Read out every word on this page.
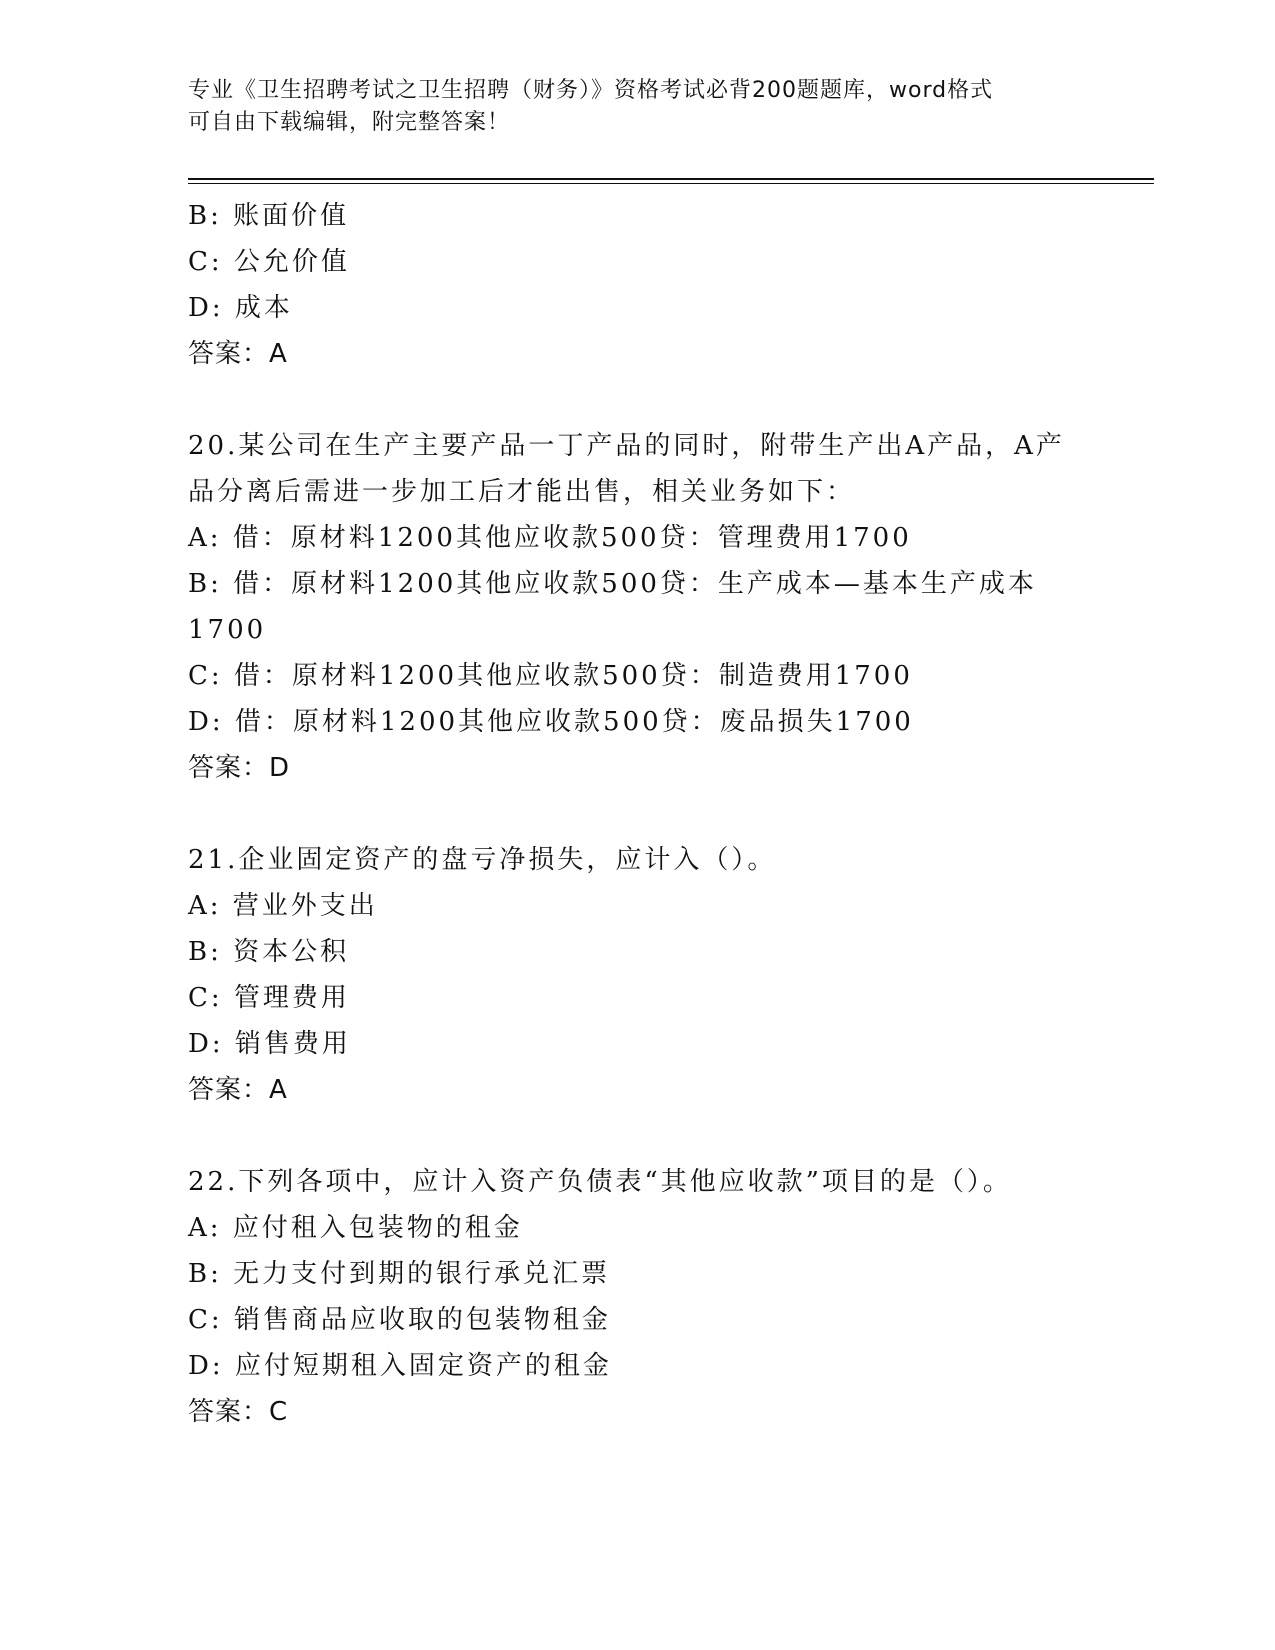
专业《卫生招聘考试之卫生招聘（财务）》资格考试必背200题题库，word格式
可自由下载编辑，附完整答案！
B: 账面价值
C: 公允价值
D: 成本
答案：A
20.某公司在生产主要产品一丁产品的同时，附带生产出A产品，A产
品分离后需进一步加工后才能出售，相关业务如下：
A: 借：原材料1200其他应收款500贷：管理费用1700
B: 借：原材料1200其他应收款500贷：生产成本—基本生产成本
1700
C: 借：原材料1200其他应收款500贷：制造费用1700
D: 借：原材料1200其他应收款500贷：废品损失1700
答案：D
21.企业固定资产的盘亏净损失，应计入（）。
A: 营业外支出
B: 资本公积
C: 管理费用
D: 销售费用
答案：A
22.下列各项中，应计入资产负债表“其他应收款”项目的是（）。
A: 应付租入包装物的租金
B: 无力支付到期的银行承兑汇票
C: 销售商品应收取的包装物租金
D: 应付短期租入固定资产的租金
答案：C
